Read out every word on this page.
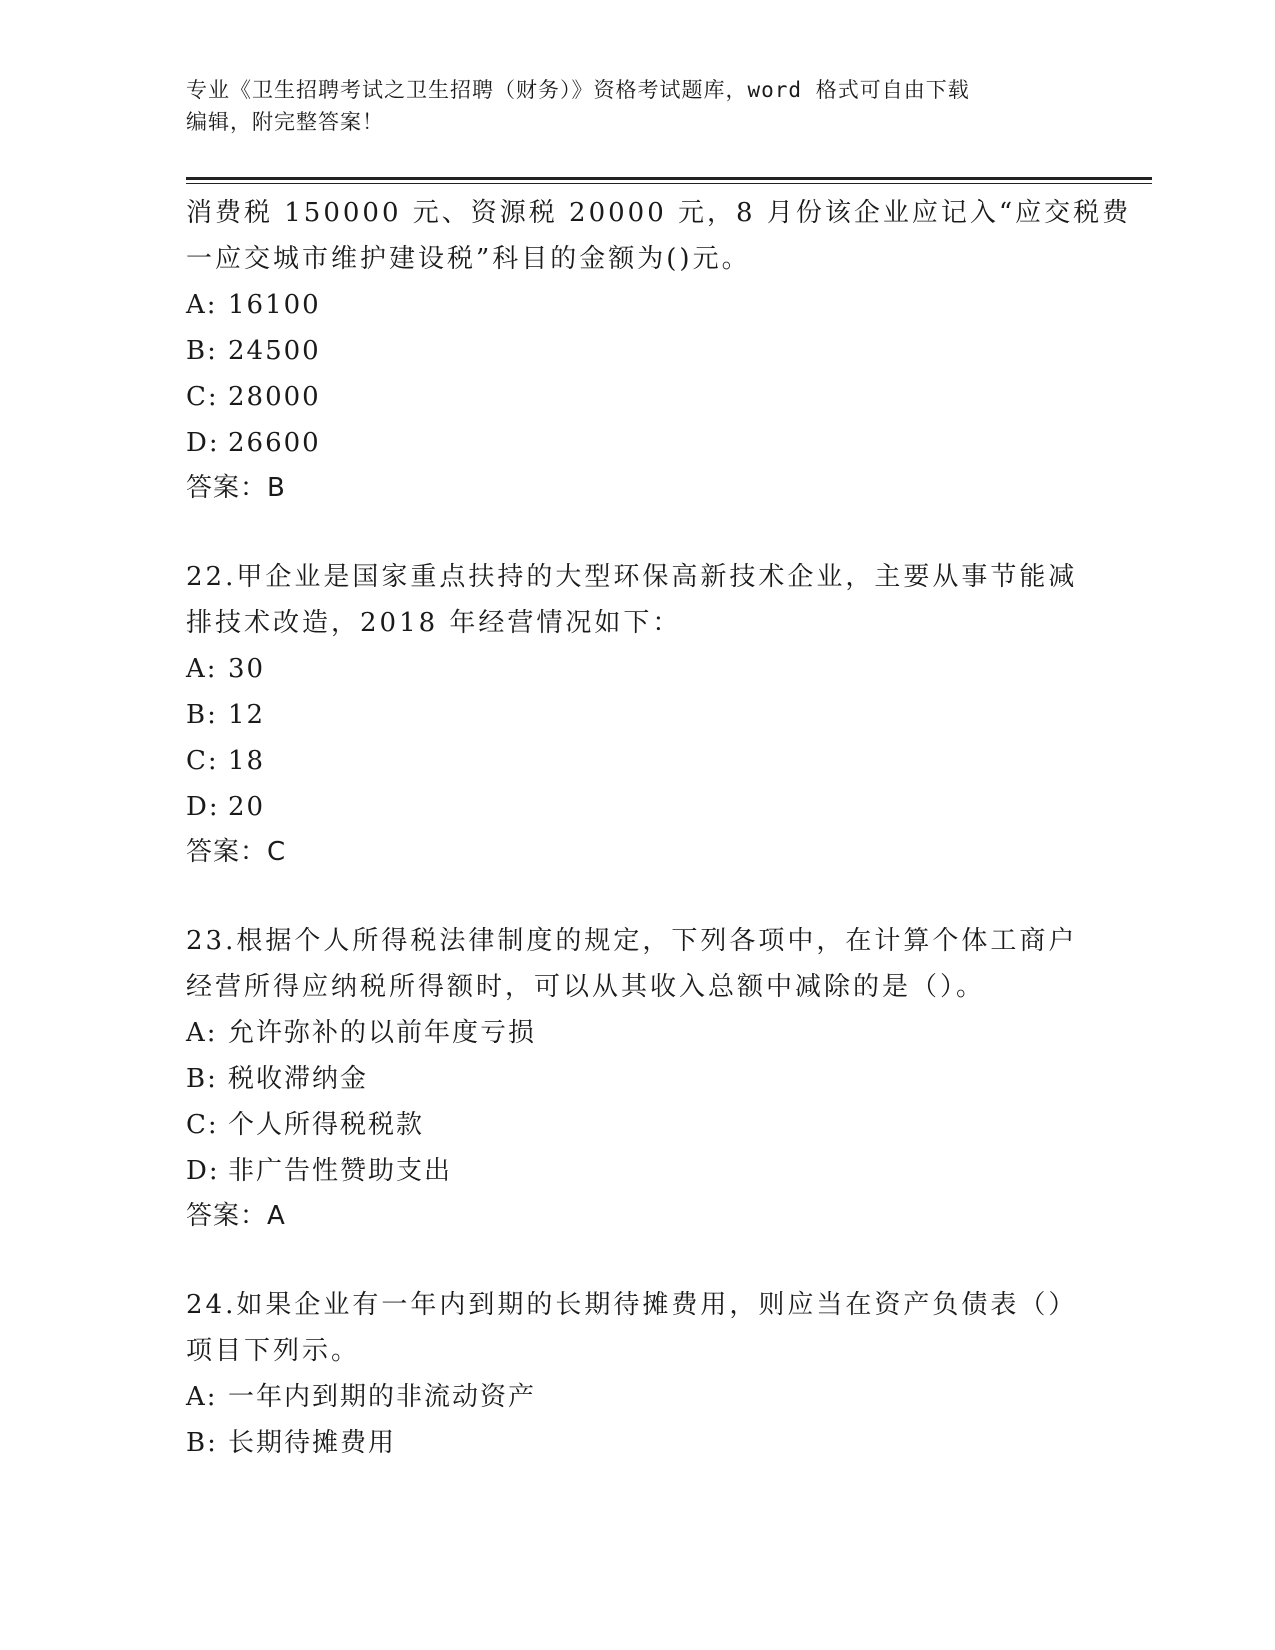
专业《卫生招聘考试之卫生招聘（财务）》资格考试题库，word 格式可自由下载
编辑，附完整答案！
消费税 150000 元、资源税 20000 元，8 月份该企业应记入“应交税费
一应交城市维护建设税”科目的金额为()元。
A: 16100
B: 24500
C: 28000
D: 26600
答案：B
22.甲企业是国家重点扶持的大型环保高新技术企业，主要从事节能减
排技术改造，2018 年经营情况如下：
A: 30
B: 12
C: 18
D: 20
答案：C
23.根据个人所得税法律制度的规定，下列各项中，在计算个体工商户
经营所得应纳税所得额时，可以从其收入总额中减除的是（）。
A: 允许弥补的以前年度亏损
B: 税收滞纳金
C: 个人所得税税款
D: 非广告性赞助支出
答案：A
24.如果企业有一年内到期的长期待摊费用，则应当在资产负债表（）
项目下列示。
A: 一年内到期的非流动资产
B: 长期待摊费用
